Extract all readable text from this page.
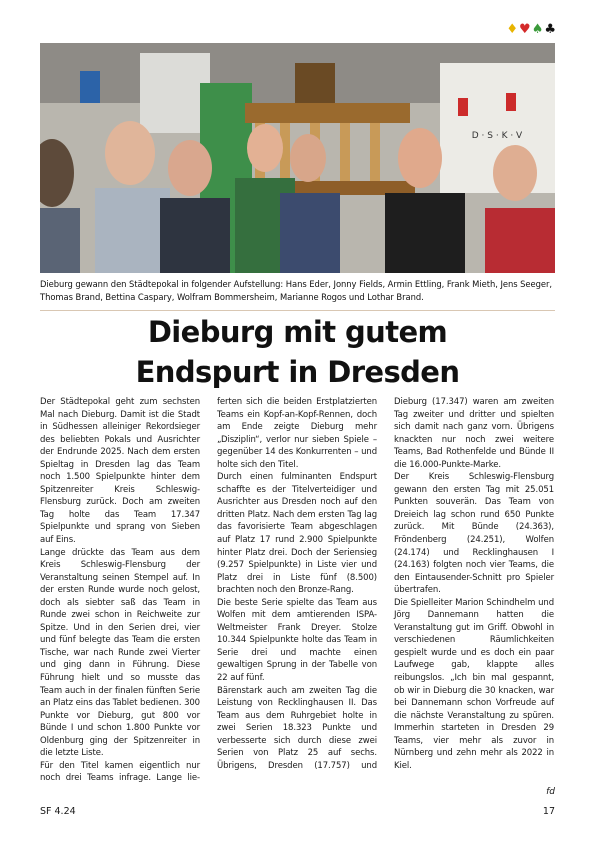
♦♥♠♣
D · S · K · V
Dieburg gewann den Städtepokal in folgender Aufstellung: Hans Eder, Jonny Fields, Armin Ettling, Frank Mieth, Jens Seeger, Thomas Brand, Bettina Caspary, Wolfram Bommersheim, Marianne Rogos und Lothar Brand.
Dieburg mit gutem
Endspurt in Dresden

Der Städtepokal geht zum sechsten Mal nach Dieburg. Damit ist die Stadt in Südhessen alleiniger Rekordsieger des beliebten Pokals und Ausrichter der Endrunde 2025. Nach dem ersten Spieltag in Dresden lag das Team noch 1.500 Spielpunkte hinter dem Spitzenreiter Kreis Schleswig-Flensburg zurück. Doch am zweiten Tag holte das Team 17.347 Spielpunkte und sprang von Sieben auf Eins.

Lange drückte das Team aus dem Kreis Schleswig-Flensburg der Veranstaltung seinen Stempel auf. In der ersten Runde wurde noch gelost, doch als siebter saß das Team in Runde zwei schon in Reichweite zur Spitze. Und in den Serien drei, vier und fünf belegte das Team die ersten Tische, war nach Runde zwei Vierter und ging dann in Führung. Diese Führung hielt und so musste das Team auch in der finalen fünften Serie an Platz eins das Tablet bedienen. 300 Punkte vor Dieburg, gut 800 vor Bünde I und schon 1.800 Punkte vor Oldenburg ging der Spitzenreiter in die letzte Liste.

Für den Titel kamen eigentlich nur noch drei Teams infrage. Lange lie-

ferten sich die beiden Erstplatzierten Teams ein Kopf-an-Kopf-Rennen, doch am Ende zeigte Dieburg mehr „Disziplin“, verlor nur sieben Spiele – gegenüber 14 des Konkurrenten – und holte sich den Titel.

Durch einen fulminanten Endspurt schaffte es der Titelverteidiger und Ausrichter aus Dresden noch auf den dritten Platz. Nach dem ersten Tag lag das favorisierte Team abgeschlagen auf Platz 17 rund 2.900 Spielpunkte hinter Platz drei. Doch der Seriensieg (9.257 Spielpunkte) in Liste vier und Platz drei in Liste fünf (8.500) brachten noch den Bronze-Rang.

Die beste Serie spielte das Team aus Wolfen mit dem amtierenden ISPA-Weltmeister Frank Dreyer. Stolze 10.344 Spielpunkte holte das Team in Serie drei und machte einen gewaltigen Sprung in der Tabelle von 22 auf fünf.

Bärenstark auch am zweiten Tag die Leistung von Recklinghausen II. Das Team aus dem Ruhrgebiet holte in zwei Serien 18.323 Punkte und verbesserte sich durch diese zwei Serien von Platz 25 auf sechs. Übrigens, Dresden (17.757) und

Dieburg (17.347) waren am zweiten Tag zweiter und dritter und spielten sich damit nach ganz vorn. Übrigens knackten nur noch zwei weitere Teams, Bad Rothenfelde und Bünde II die 16.000-Punkte-Marke.

Der Kreis Schleswig-Flensburg gewann den ersten Tag mit 25.051 Punkten souverän. Das Team von Dreieich lag schon rund 650 Punkte zurück. Mit Bünde (24.363), Fröndenberg (24.251), Wolfen (24.174) und Recklinghausen I (24.163) folgten noch vier Teams, die den Eintausender-Schnitt pro Spieler übertrafen.

Die Spielleiter Marion Schindhelm und Jörg Dannemann hatten die Veranstaltung gut im Griff. Obwohl in verschiedenen Räumlichkeiten gespielt wurde und es doch ein paar Laufwege gab, klappte alles reibungslos. „Ich bin mal gespannt, ob wir in Dieburg die 30 knacken, war bei Dannemann schon Vorfreude auf die nächste Veranstaltung zu spüren. Immerhin starteten in Dresden 29 Teams, vier mehr als zuvor in Nürnberg und zehn mehr als 2022 in Kiel.

fd
SF 4.24	17
